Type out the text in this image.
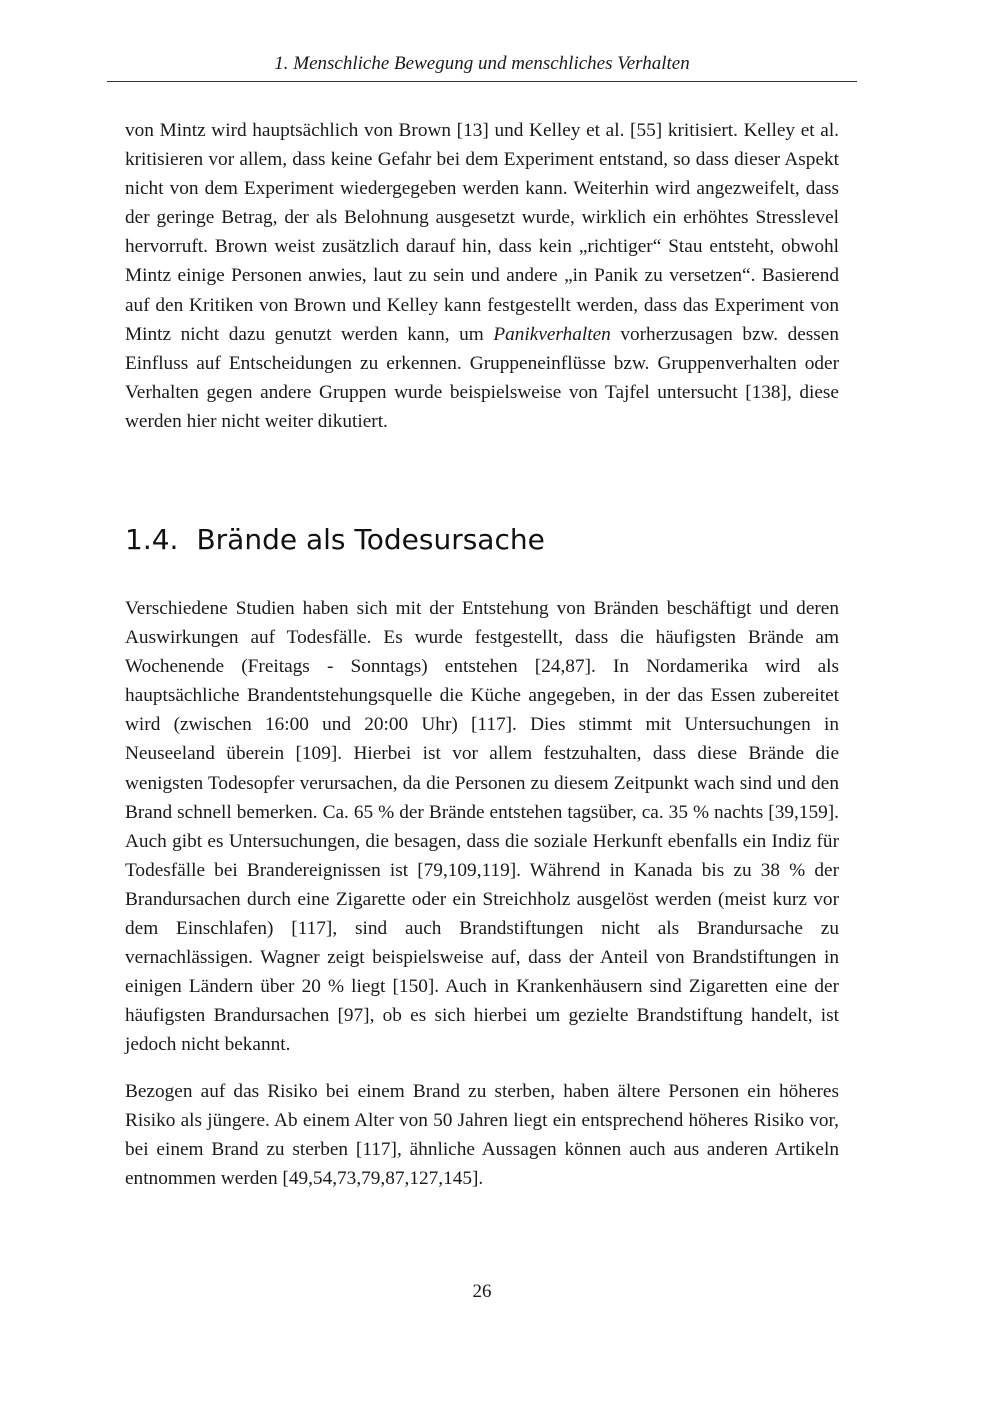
1. Menschliche Bewegung und menschliches Verhalten

von Mintz wird hauptsächlich von Brown [13] und Kelley et al. [55] kritisiert. Kelley et al. kritisieren vor allem, dass keine Gefahr bei dem Experiment entstand, so dass dieser Aspekt nicht von dem Experiment wiedergegeben werden kann. Weiterhin wird angezweifelt, dass der geringe Betrag, der als Belohnung ausgesetzt wurde, wirklich ein erhöhtes Stresslevel hervorruft. Brown weist zusätzlich darauf hin, dass kein „richtiger“ Stau entsteht, obwohl Mintz einige Personen anwies, laut zu sein und andere „in Panik zu versetzen“. Basierend auf den Kritiken von Brown und Kelley kann festgestellt werden, dass das Experiment von Mintz nicht dazu genutzt werden kann, um Panikverhalten vorherzusagen bzw. dessen Einfluss auf Entscheidungen zu erkennen. Gruppeneinflüsse bzw. Gruppenverhalten oder Verhalten gegen andere Gruppen wurde beispielsweise von Tajfel untersucht [138], diese werden hier nicht weiter dikutiert.

1.4. Brände als Todesursache

Verschiedene Studien haben sich mit der Entstehung von Bränden beschäftigt und deren Auswirkungen auf Todesfälle. Es wurde festgestellt, dass die häufigsten Brände am Wochenende (Freitags - Sonntags) entstehen [24,87]. In Nordamerika wird als hauptsächliche Brandentstehungsquelle die Küche angegeben, in der das Essen zubereitet wird (zwischen 16:00 und 20:00 Uhr) [117]. Dies stimmt mit Untersuchungen in Neuseeland überein [109]. Hierbei ist vor allem festzuhalten, dass diese Brände die wenigsten Todesopfer verursachen, da die Personen zu diesem Zeitpunkt wach sind und den Brand schnell bemerken. Ca. 65 % der Brände entstehen tagsüber, ca. 35 % nachts [39,159]. Auch gibt es Untersuchungen, die besagen, dass die soziale Herkunft ebenfalls ein Indiz für Todesfälle bei Brandereignissen ist [79,109,119]. Während in Kanada bis zu 38 % der Brandursachen durch eine Zigarette oder ein Streichholz ausgelöst werden (meist kurz vor dem Einschlafen) [117], sind auch Brandstiftungen nicht als Brandursache zu vernachlässigen. Wagner zeigt beispielsweise auf, dass der Anteil von Brandstiftungen in einigen Ländern über 20 % liegt [150]. Auch in Krankenhäusern sind Zigaretten eine der häufigsten Brandursachen [97], ob es sich hierbei um gezielte Brandstiftung handelt, ist jedoch nicht bekannt.

Bezogen auf das Risiko bei einem Brand zu sterben, haben ältere Personen ein höheres Risiko als jüngere. Ab einem Alter von 50 Jahren liegt ein entsprechend höheres Risiko vor, bei einem Brand zu sterben [117], ähnliche Aussagen können auch aus anderen Artikeln entnommen werden [49,54,73,79,87,127,145].

26
